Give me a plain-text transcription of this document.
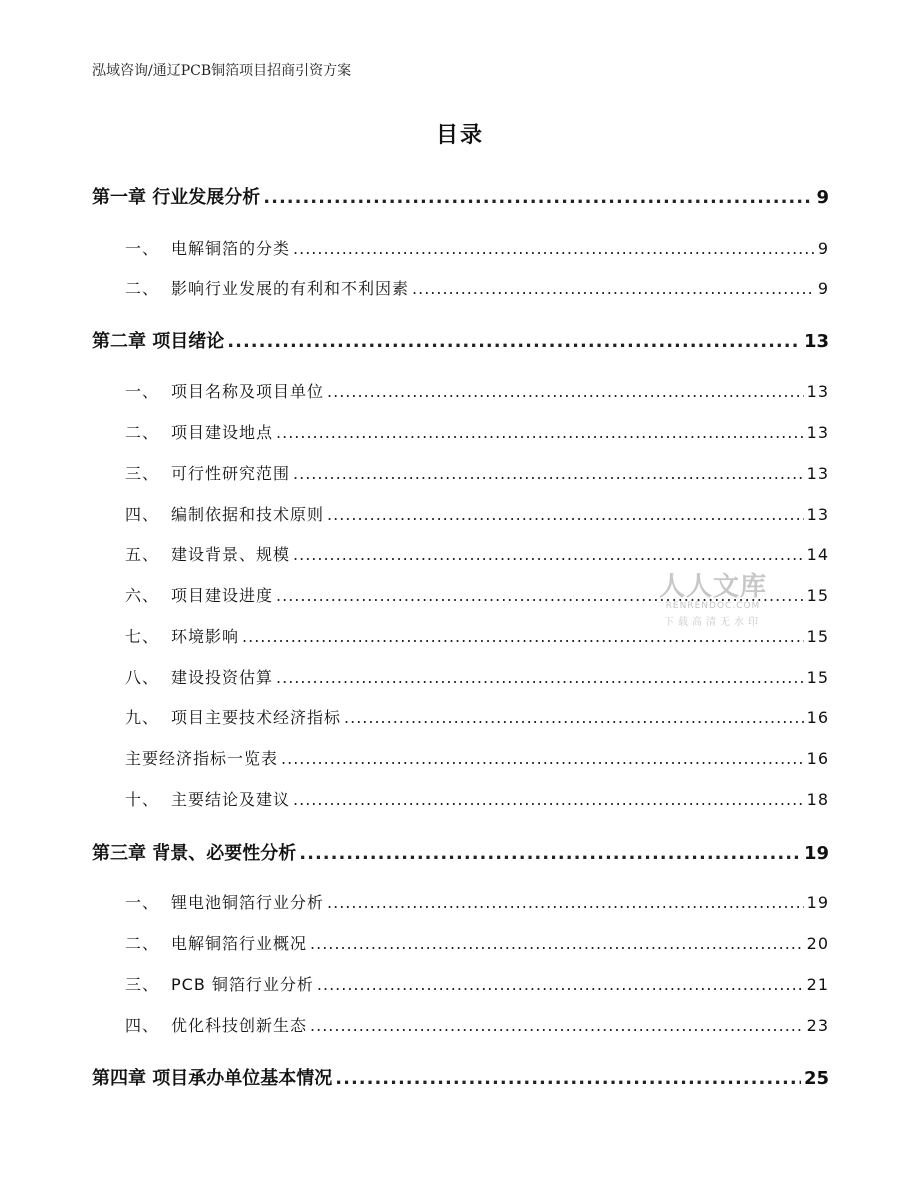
泓域咨询/通辽PCB铜箔项目招商引资方案
目录
第一章 行业发展分析 .....	9
一、 电解铜箔的分类 .....	9
二、 影响行业发展的有利和不利因素 .....	9
第二章 项目绪论 .....	13
一、 项目名称及项目单位 .....	13
二、 项目建设地点 .....	13
三、 可行性研究范围 .....	13
四、 编制依据和技术原则 .....	13
五、 建设背景、规模 .....	14
六、 项目建设进度 .....	15
七、 环境影响 .....	15
八、 建设投资估算 .....	15
九、 项目主要技术经济指标 .....	16
主要经济指标一览表 .....	16
十、 主要结论及建议 .....	18
第三章 背景、必要性分析 .....	19
一、 锂电池铜箔行业分析 .....	19
二、 电解铜箔行业概况 .....	20
三、 PCB 铜箔行业分析 .....	21
四、 优化科技创新生态 .....	23
第四章 项目承办单位基本情况 .....	25
人人文库
RENRENDOC.COM
下载高清无水印
